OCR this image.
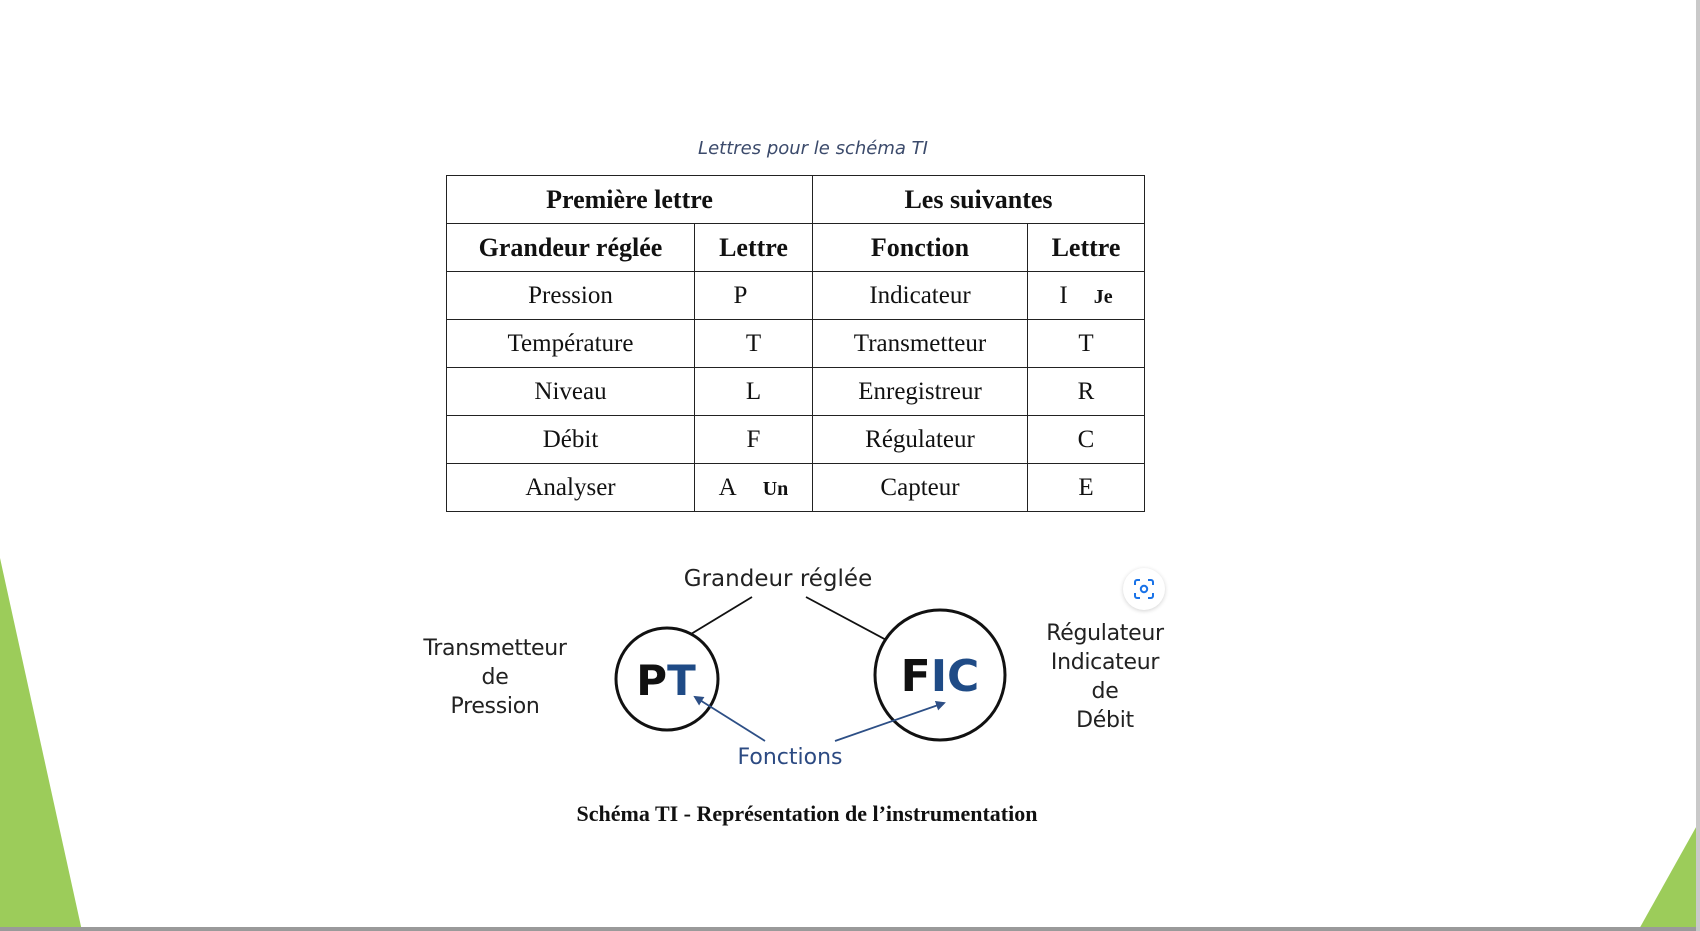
Lettres pour le schéma TI
Première lettre		Les suivantes	
Grandeur réglée	Lettre	Fonction	Lettre
Pression	P	Indicateur	I Je
Température	T	Transmetteur	T
Niveau	L	Enregistreur	R
Débit	F	Régulateur	C
Analyser	A Un	Capteur	E
Grandeur réglée
PT	FIC
Fonctions
Transmetteur
de
Pression
Régulateur
Indicateur
de
Débit
Schéma TI - Représentation de l’instrumentation
